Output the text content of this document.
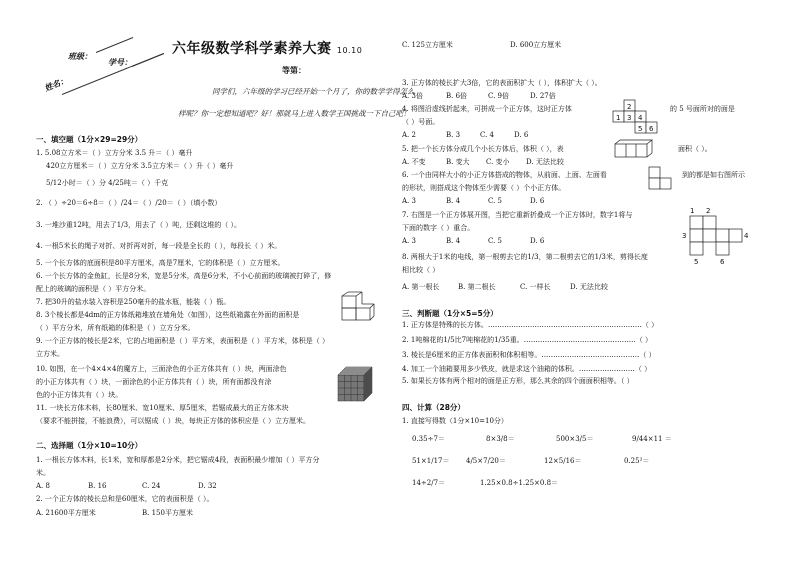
六年级数学科学素养大赛 10.10
等第：
班级：
学号：
姓名：	同学们，六年级的学习已经开始一个月了，你的数学学得怎么
样呢？你一定想知道吧？好！那就马上进入数学王国挑战一下自己吧！
一、填空题（1分×29=29分）
1. 5.08立方米＝（ ）立方分米 3.5 升＝（ ）毫升
420立方厘米＝（ ）立方分米 3.5立方米＝（ ）升（ ）毫升
5/12小时＝（ ）分 4/25吨＝（ ）千克
2. （ ）÷20＝6÷8＝（ ）/24＝（ ）/20＝（ ）（填小数）
3. 一堆沙重12吨，用去了1/3，用去了（ ）吨，还剩这堆的（ ）。
4. 一根5米长的绳子对折、对折再对折，每一段是全长的（ ），每段长（ ）米。
5. 一个长方体的底面积是80平方厘米，高是7厘米，它的体积是（ ）立方厘米。
6. 一个长方体的金鱼缸，长是8分米，宽是5分米，高是6分米，不小心前面的玻璃被打碎了，修
配上的玻璃的面积是（ ）平方分米。
7. 把30升的盐水装入容积是250毫升的盐水瓶，能装（ ）瓶。
8. 3个棱长都是4dm的正方体纸箱堆放在墙角处（如图），这些纸箱露在外面的面积是
（ ）平方分米，所有纸箱的体积是（ ）立方分米。
9. 一个正方体的棱长是2米，它的占地面积是（ ）平方米，表面积是（ ）平方米，体积是（ ）
立方米。
10. 如图，在一个4×4×4的魔方上，三面涂色的小正方体共有（ ）块，两面涂色
的小正方体共有（ ）块，一面涂色的小正方体共有（ ）块，所有面都没有涂
色的小正方体共有（ ）块。
11. 一块长方体木料，长80厘米、宽10厘米、厚5厘米，若锯成最大的正方体木块
（要求不能拼接，不能浪费），可以锯成（ ）块，每块正方体的体积应是（ ）立方厘米。
二、选择题（1分×10=10分）
1. 一根长方体木料，长1米，宽和厚都是2分米，把它锯成4段，表面积最少增加（ ）平方分
米。
A. 8	B. 16	C. 24	D. 32
2. 一个正方体的棱长总和是60厘米，它的表面积是（ ）。
A. 21600平方厘米	B. 150平方厘米
C. 125立方厘米	D. 600立方厘米
3. 正方体的棱长扩大3倍，它的表面积扩大（ ），体积扩大（ ）。
A. 3倍	B. 6倍	C. 9倍	D. 27倍
4. 将图沿虚线折起来，可拼成一个正方体，这时正方体	的 5 号面所对的面是
（ ）号面。
A. 2	B. 3	C. 4	D. 6
2
1 3 4
5 6
5. 把一个长方体分成几个小长方体后，体积（ ），表	面积（ ）。
A. 不变	B. 变大 C. 变小 D. 无法比较
6. 一个由同样大小的小正方体搭成的物体，从前面、上面、左面看	到的都是如右图所示
的形状，则搭成这个物体至少需要（ ）个小正方体。
A. 3	B. 4	C. 5	D. 6
7. 右图是一个正方体展开图，当把它重新折叠成一个正方体时，数字1将与
下面的数字（ ）重合。
A. 3	B. 4	C. 5	D. 6
1 2
3	4
5	6
8. 两根大于1米的电线，第一根剪去它的1/3，第二根剪去它的1/3米，剪得长度
相比较（ ）
A. 第一根长	B. 第二根长	C. 一样长	D. 无法比较
三、判断题（1分×5=5分）
1. 正方体是特殊的长方体。…………………………………………………………（ ）
2. 1吨棉花的1/5比7吨棉花的1/35重。…………………………………………（ ）
3. 棱长是6厘米的正方体表面积和体积相等。……………………………………（ ）
4. 加工一个油箱要用多少铁皮，就是求这个油箱的体积。……………………（ ）
5. 如果长方体有两个相对的面是正方形，那么其余的四个面面积相等。（ ）
四、计算（28分）
1. 直接写得数（1分×10=10分）
0.35÷7＝	8×3/8＝	500×3/5＝	9/44×11 ＝
51×1/17＝ 4/5×7/20＝	12×5/16＝	0.25²＝
14÷2/7＝	1.25×0.8÷1.25×0.8＝
